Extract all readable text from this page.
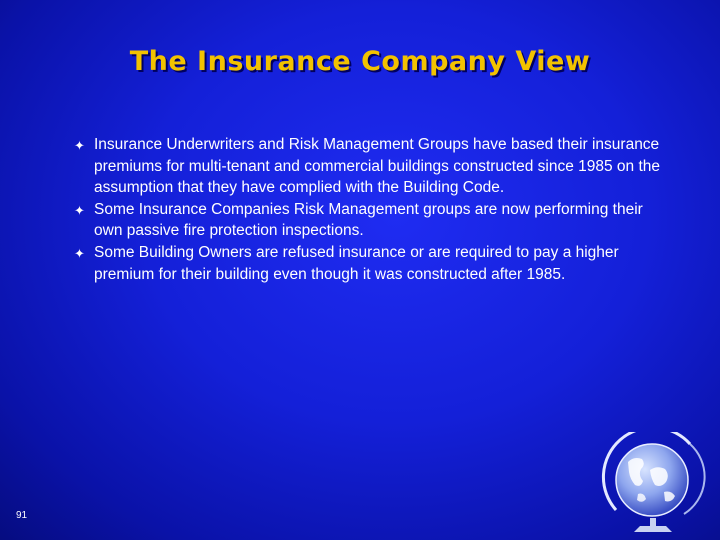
The Insurance Company View
✦ Insurance Underwriters and Risk Management Groups have based their insurance premiums for multi-tenant and commercial buildings constructed since 1985 on the assumption that they have complied with the Building Code.
✦ Some Insurance Companies Risk Management groups are now performing their own passive fire protection inspections.
✦ Some Building Owners are refused insurance or are required to pay a higher premium for their building even though it was constructed after 1985.
91
